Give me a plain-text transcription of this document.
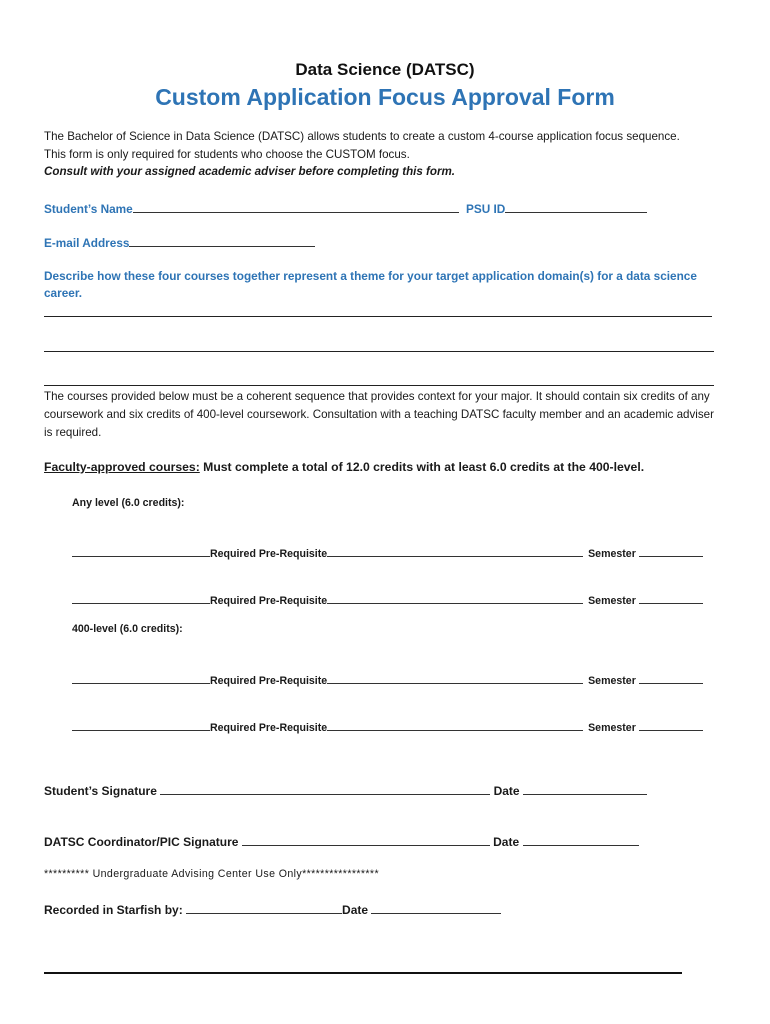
Data Science (DATSC)
Custom Application Focus Approval Form
The Bachelor of Science in Data Science (DATSC) allows students to create a custom 4-course application focus sequence.
This form is only required for students who choose the CUSTOM focus.
Consult with your assigned academic adviser before completing this form.
Student’s Name	PSU ID
E-mail Address
Describe how these four courses together represent a theme for your target application domain(s) for a data science career.
The courses provided below must be a coherent sequence that provides context for your major. It should contain six credits of any coursework and six credits of 400-level coursework. Consultation with a teaching DATSC faculty member and an academic adviser is required.
Faculty-approved courses: Must complete a total of 12.0 credits with at least 6.0 credits at the 400-level.
Any level (6.0 credits):
Required Pre-Requisite	Semester
Required Pre-Requisite	Semester
400-level (6.0 credits):
Required Pre-Requisite	Semester
Required Pre-Requisite	Semester
Student’s Signature	Date
DATSC Coordinator/PIC Signature	Date
********** Undergraduate Advising Center Use Only*****************
Recorded in Starfish by:	Date
